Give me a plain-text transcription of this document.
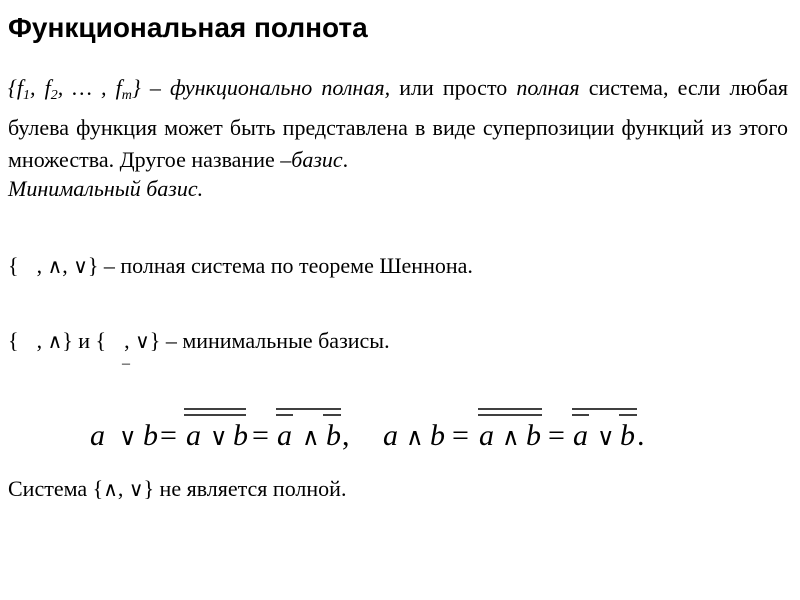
Функциональная полнота
{$f_1$, $f_2$, … , $f_m$} – функционально полная, или просто полная система, если любая булева функция может быть представлена в виде суперпозиции функций из этого множества. Другое название –базис.
Минимальный базис.
{ , ∧, ∨} – полная система по теореме Шеннона.
{ , ∧} и { , ∨} – минимальные базисы.
–
a ∨ b = a ∨ b = a ∧ b , a ∧ b = a ∧ b = a ∨ b .
Система {∧, ∨} не является полной.
